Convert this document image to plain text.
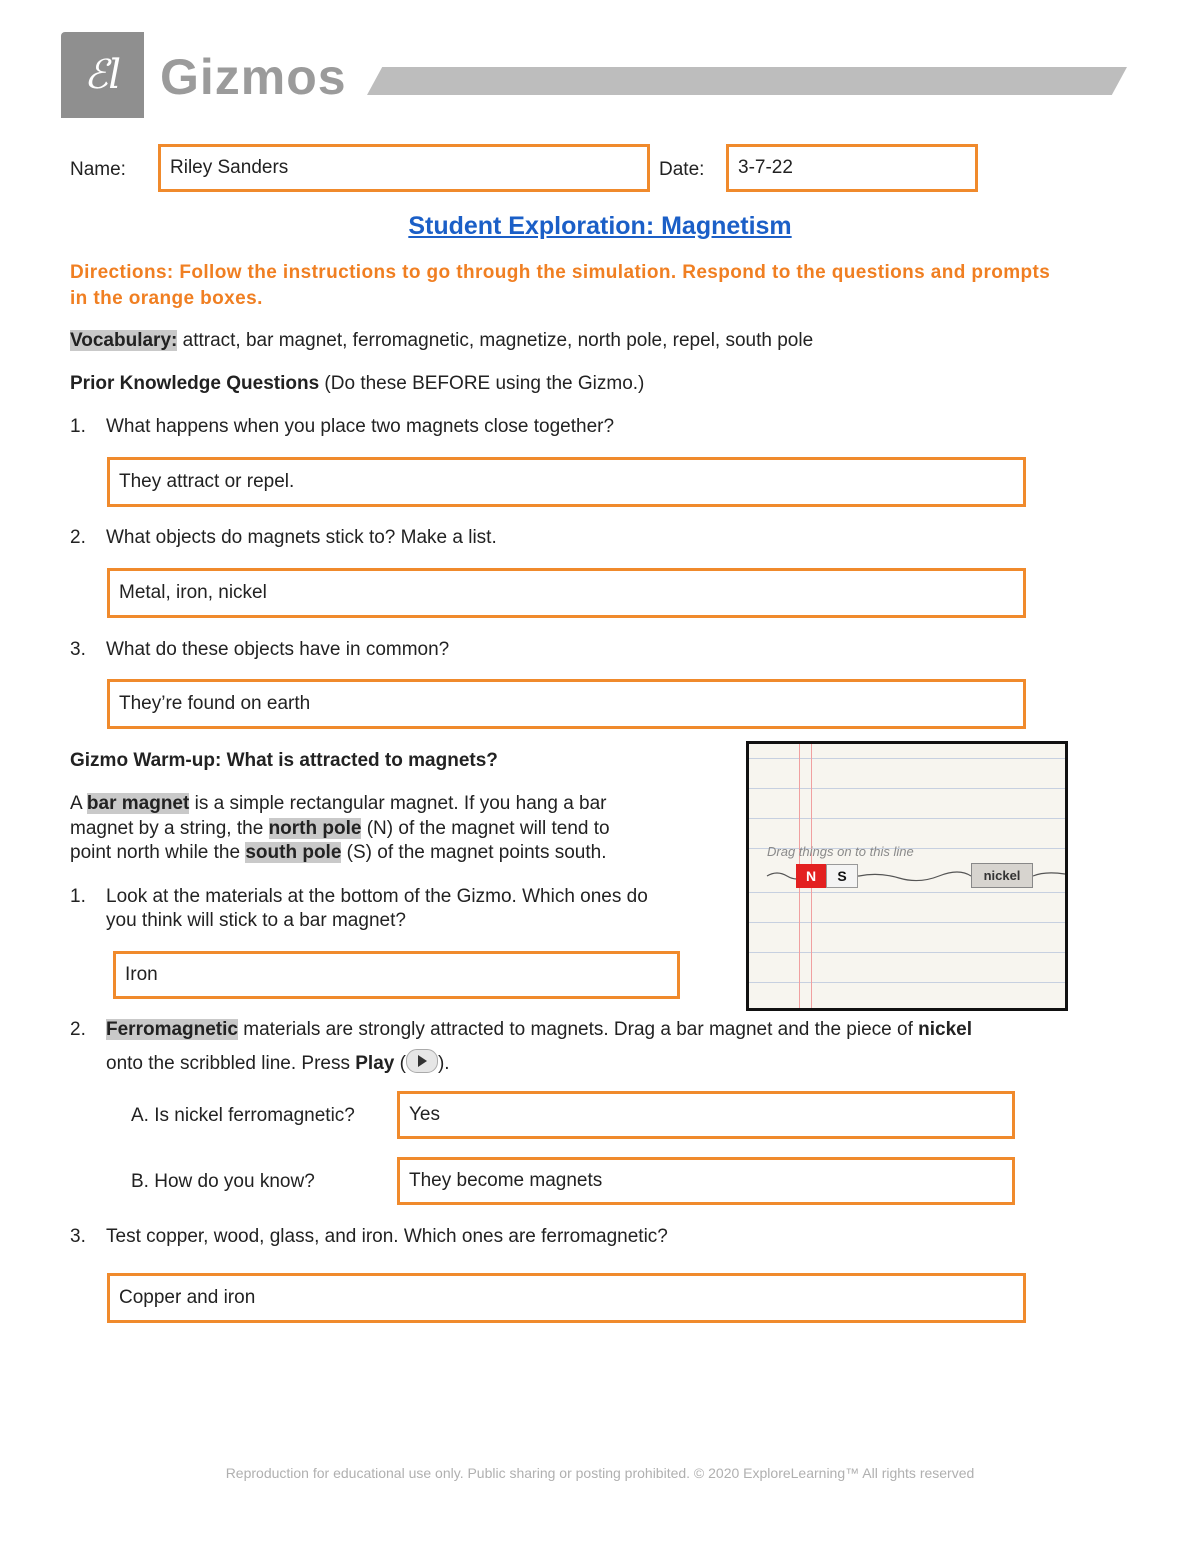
ℰl Gizmos
Name: Riley Sanders	Date: 3-7-22
Student Exploration: Magnetism
Directions: Follow the instructions to go through the simulation. Respond to the questions and prompts in the orange boxes.
Vocabulary: attract, bar magnet, ferromagnetic, magnetize, north pole, repel, south pole
Prior Knowledge Questions (Do these BEFORE using the Gizmo.)
1. What happens when you place two magnets close together?
They attract or repel.
2. What objects do magnets stick to? Make a list.
Metal, iron, nickel
3. What do these objects have in common?
They’re found on earth
Gizmo Warm-up: What is attracted to magnets?
A bar magnet is a simple rectangular magnet. If you hang a bar
magnet by a string, the north pole (N) of the magnet will tend to
point north while the south pole (S) of the magnet points south.
1. Look at the materials at the bottom of the Gizmo. Which ones do
you think will stick to a bar magnet?
Iron
Drag things on to this line
N	S	nickel
2. Ferromagnetic materials are strongly attracted to magnets. Drag a bar magnet and the piece of nickel
onto the scribbled line. Press Play ( ).
A. Is nickel ferromagnetic?	Yes
B. How do you know?	They become magnets
3. Test copper, wood, glass, and iron. Which ones are ferromagnetic?
Copper and iron
Reproduction for educational use only. Public sharing or posting prohibited. © 2020 ExploreLearning™ All rights reserved
